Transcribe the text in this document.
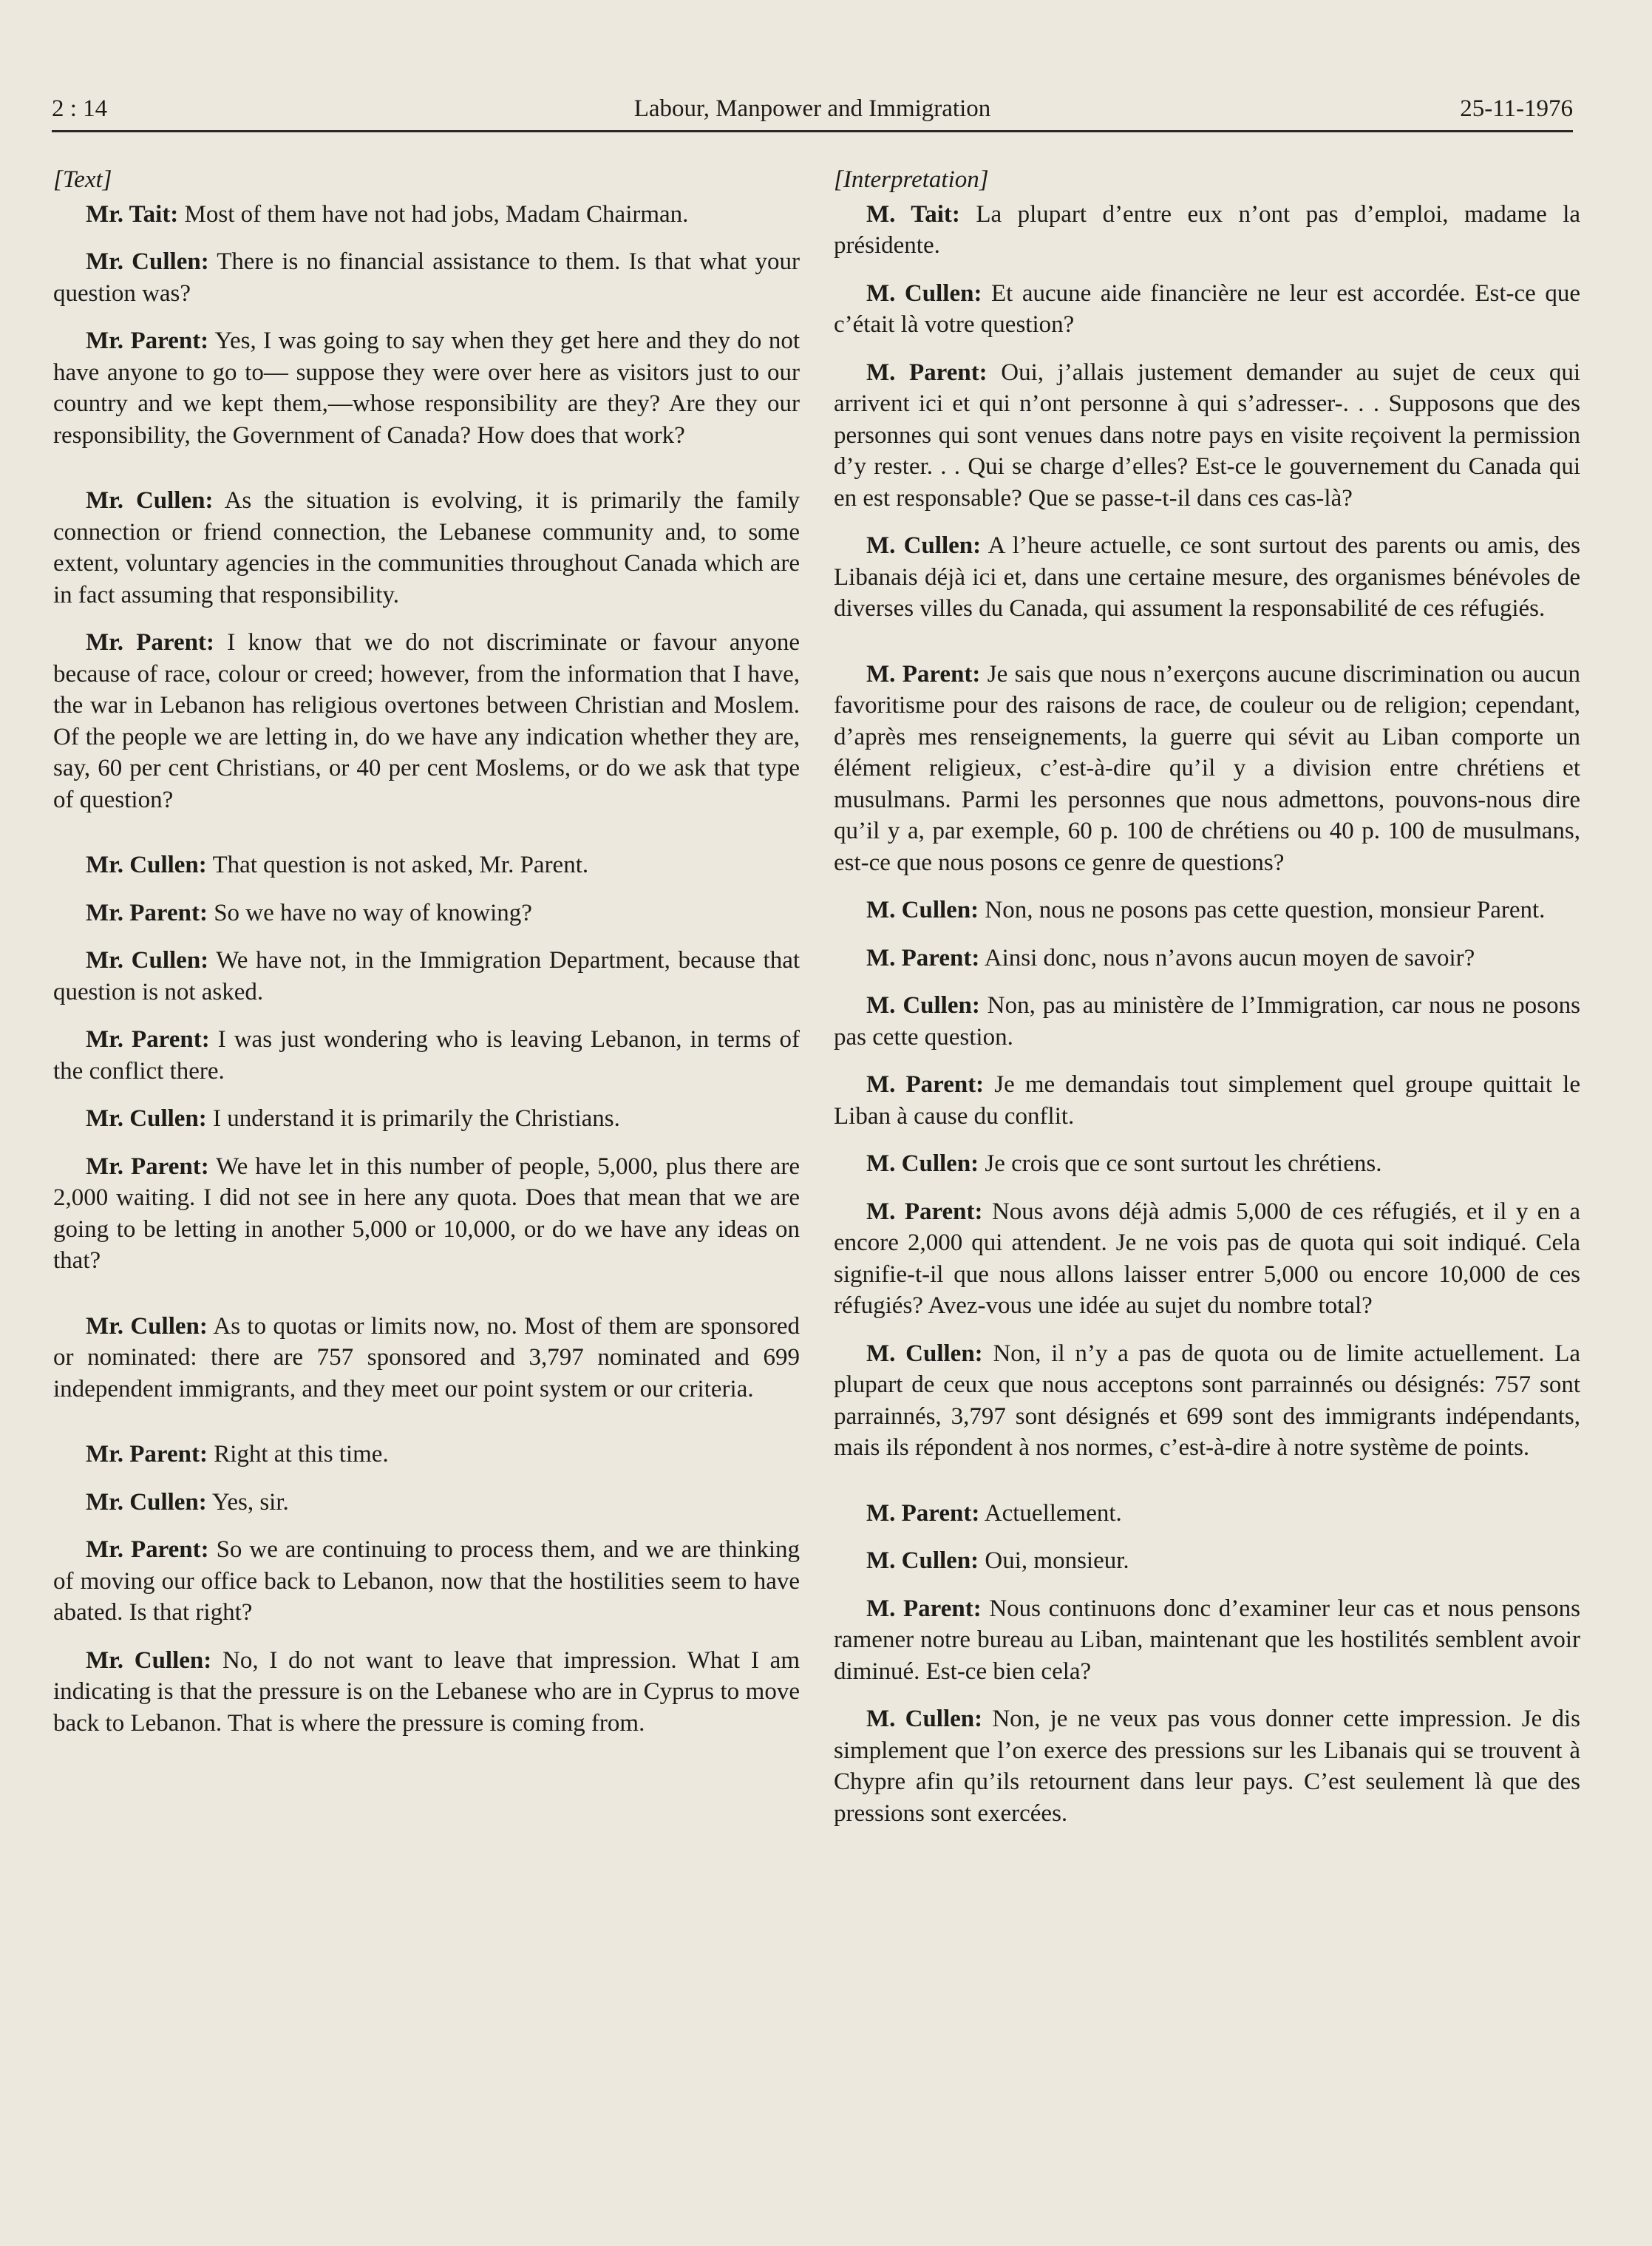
2 : 14	Labour, Manpower and Immigration	25-11-1976
[Text]

Mr. Tait: Most of them have not had jobs, Madam Chairman.

Mr. Cullen: There is no financial assistance to them. Is that what your question was?

Mr. Parent: Yes, I was going to say when they get here and they do not have anyone to go to— suppose they were over here as visitors just to our country and we kept them,—whose responsibility are they? Are they our responsibility, the Government of Canada? How does that work?

Mr. Cullen: As the situation is evolving, it is primarily the family connection or friend connection, the Lebanese community and, to some extent, voluntary agencies in the communities throughout Canada which are in fact assuming that responsibility.

Mr. Parent: I know that we do not discriminate or favour anyone because of race, colour or creed; however, from the information that I have, the war in Lebanon has religious overtones between Christian and Moslem. Of the people we are letting in, do we have any indication whether they are, say, 60 per cent Christians, or 40 per cent Moslems, or do we ask that type of question?

Mr. Cullen: That question is not asked, Mr. Parent.

Mr. Parent: So we have no way of knowing?

Mr. Cullen: We have not, in the Immigration Department, because that question is not asked.

Mr. Parent: I was just wondering who is leaving Lebanon, in terms of the conflict there.

Mr. Cullen: I understand it is primarily the Christians.

Mr. Parent: We have let in this number of people, 5,000, plus there are 2,000 waiting. I did not see in here any quota. Does that mean that we are going to be letting in another 5,000 or 10,000, or do we have any ideas on that?

Mr. Cullen: As to quotas or limits now, no. Most of them are sponsored or nominated: there are 757 sponsored and 3,797 nominated and 699 independent immigrants, and they meet our point system or our criteria.

Mr. Parent: Right at this time.

Mr. Cullen: Yes, sir.

Mr. Parent: So we are continuing to process them, and we are thinking of moving our office back to Lebanon, now that the hostilities seem to have abated. Is that right?

Mr. Cullen: No, I do not want to leave that impression. What I am indicating is that the pressure is on the Lebanese who are in Cyprus to move back to Lebanon. That is where the pressure is coming from.

[Interpretation]

M. Tait: La plupart d’entre eux n’ont pas d’emploi, madame la présidente.

M. Cullen: Et aucune aide financière ne leur est accordée. Est-ce que c’était là votre question?

M. Parent: Oui, j’allais justement demander au sujet de ceux qui arrivent ici et qui n’ont personne à qui s’adresser-. . . Supposons que des personnes qui sont venues dans notre pays en visite reçoivent la permission d’y rester. . . Qui se charge d’elles? Est-ce le gouvernement du Canada qui en est responsable? Que se passe-t-il dans ces cas-là?

M. Cullen: A l’heure actuelle, ce sont surtout des parents ou amis, des Libanais déjà ici et, dans une certaine mesure, des organismes bénévoles de diverses villes du Canada, qui assument la responsabilité de ces réfugiés.

M. Parent: Je sais que nous n’exerçons aucune discrimination ou aucun favoritisme pour des raisons de race, de couleur ou de religion; cependant, d’après mes renseignements, la guerre qui sévit au Liban comporte un élément religieux, c’est-à-dire qu’il y a division entre chrétiens et musulmans. Parmi les personnes que nous admettons, pouvons-nous dire qu’il y a, par exemple, 60 p. 100 de chrétiens ou 40 p. 100 de musulmans, est-ce que nous posons ce genre de questions?

M. Cullen: Non, nous ne posons pas cette question, monsieur Parent.

M. Parent: Ainsi donc, nous n’avons aucun moyen de savoir?

M. Cullen: Non, pas au ministère de l’Immigration, car nous ne posons pas cette question.

M. Parent: Je me demandais tout simplement quel groupe quittait le Liban à cause du conflit.

M. Cullen: Je crois que ce sont surtout les chrétiens.

M. Parent: Nous avons déjà admis 5,000 de ces réfugiés, et il y en a encore 2,000 qui attendent. Je ne vois pas de quota qui soit indiqué. Cela signifie-t-il que nous allons laisser entrer 5,000 ou encore 10,000 de ces réfugiés? Avez-vous une idée au sujet du nombre total?

M. Cullen: Non, il n’y a pas de quota ou de limite actuellement. La plupart de ceux que nous acceptons sont parrainnés ou désignés: 757 sont parrainnés, 3,797 sont désignés et 699 sont des immigrants indépendants, mais ils répondent à nos normes, c’est-à-dire à notre système de points.

M. Parent: Actuellement.

M. Cullen: Oui, monsieur.

M. Parent: Nous continuons donc d’examiner leur cas et nous pensons ramener notre bureau au Liban, maintenant que les hostilités semblent avoir diminué. Est-ce bien cela?

M. Cullen: Non, je ne veux pas vous donner cette impression. Je dis simplement que l’on exerce des pressions sur les Libanais qui se trouvent à Chypre afin qu’ils retournent dans leur pays. C’est seulement là que des pressions sont exercées.
